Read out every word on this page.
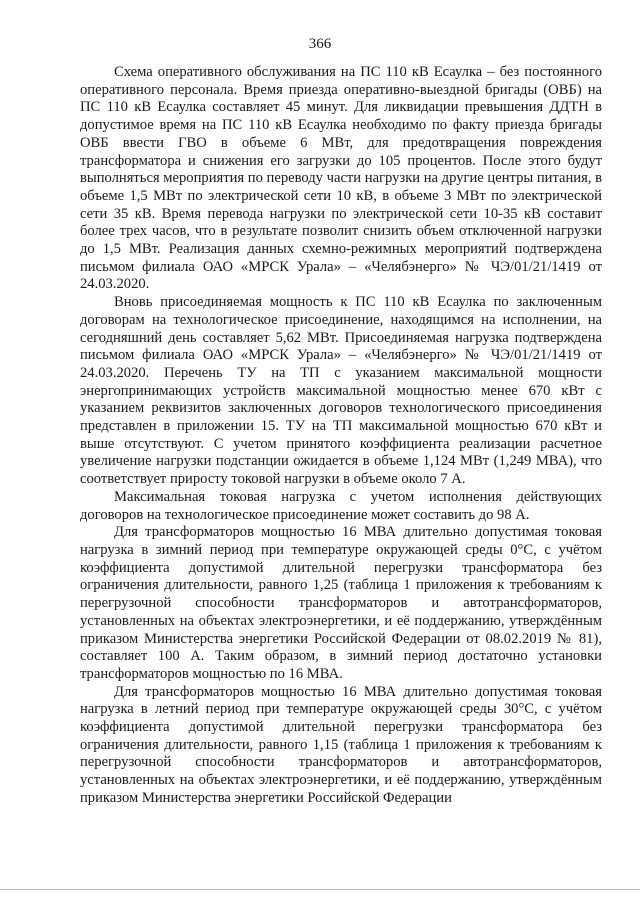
366

Схема оперативного обслуживания на ПС 110 кВ Есаулка – без постоянного оперативного персонала. Время приезда оперативно-выездной бригады (ОВБ) на ПС 110 кВ Есаулка составляет 45 минут. Для ликвидации превышения ДДТН в допустимое время на ПС 110 кВ Есаулка необходимо по факту приезда бригады ОВБ ввести ГВО в объеме 6 МВт, для предотвращения повреждения трансформатора и снижения его загрузки до 105 процентов. После этого будут выполняться мероприятия по переводу части нагрузки на другие центры питания, в объеме 1,5 МВт по электрической сети 10 кВ, в объеме 3 МВт по электрической сети 35 кВ. Время перевода нагрузки по электрической сети 10-35 кВ составит более трех часов, что в результате позволит снизить объем отключенной нагрузки до 1,5 МВт. Реализация данных схемно-режимных мероприятий подтверждена письмом филиала ОАО «МРСК Урала» – «Челябэнерго» № ЧЭ/01/21/1419 от 24.03.2020.

Вновь присоединяемая мощность к ПС 110 кВ Есаулка по заключенным договорам на технологическое присоединение, находящимся на исполнении, на сегодняшний день составляет 5,62 МВт. Присоединяемая нагрузка подтверждена письмом филиала ОАО «МРСК Урала» – «Челябэнерго» № ЧЭ/01/21/1419 от 24.03.2020. Перечень ТУ на ТП с указанием максимальной мощности энергопринимающих устройств максимальной мощностью менее 670 кВт с указанием реквизитов заключенных договоров технологического присоединения представлен в приложении 15. ТУ на ТП максимальной мощностью 670 кВт и выше отсутствуют. С учетом принятого коэффициента реализации расчетное увеличение нагрузки подстанции ожидается в объеме 1,124 МВт (1,249 МВА), что соответствует приросту токовой нагрузки в объеме около 7 А.

Максимальная токовая нагрузка с учетом исполнения действующих договоров на технологическое присоединение может составить до 98 А.

Для трансформаторов мощностью 16 МВА длительно допустимая токовая нагрузка в зимний период при температуре окружающей среды 0°С, с учётом коэффициента допустимой длительной перегрузки трансформатора без ограничения длительности, равного 1,25 (таблица 1 приложения к требованиям к перегрузочной способности трансформаторов и автотрансформаторов, установленных на объектах электроэнергетики, и её поддержанию, утверждённым приказом Министерства энергетики Российской Федерации от 08.02.2019 № 81), составляет 100 А. Таким образом, в зимний период достаточно установки трансформаторов мощностью по 16 МВА.

Для трансформаторов мощностью 16 МВА длительно допустимая токовая нагрузка в летний период при температуре окружающей среды 30°С, с учётом коэффициента допустимой длительной перегрузки трансформатора без ограничения длительности, равного 1,15 (таблица 1 приложения к требованиям к перегрузочной способности трансформаторов и автотрансформаторов, установленных на объектах электроэнергетики, и её поддержанию, утверждённым приказом Министерства энергетики Российской Федерации
